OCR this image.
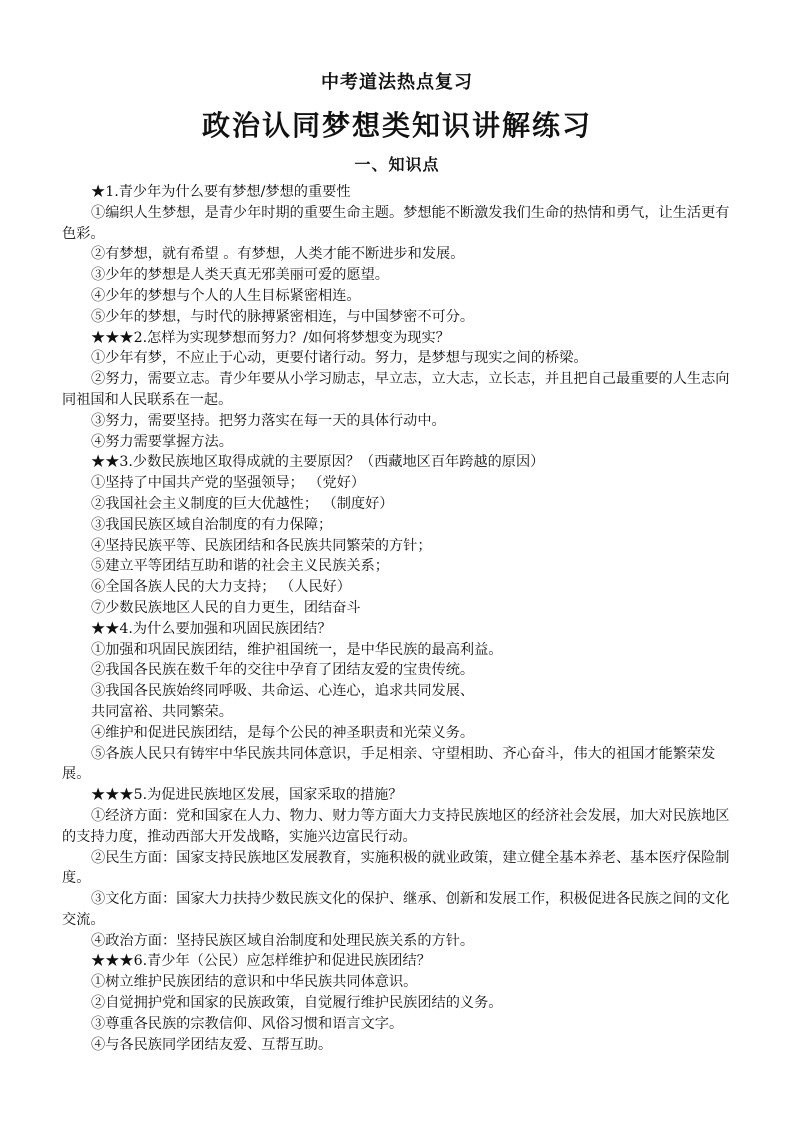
中考道法热点复习
政治认同梦想类知识讲解练习
一、知识点

★1.青少年为什么要有梦想/梦想的重要性

①编织人生梦想，是青少年时期的重要生命主题。梦想能不断激发我们生命的热情和勇气，让生活更有色彩。

②有梦想，就有希望 。有梦想，人类才能不断进步和发展。

③少年的梦想是人类天真无邪美丽可爱的愿望。

④少年的梦想与个人的人生目标紧密相连。

⑤少年的梦想，与时代的脉搏紧密相连，与中国梦密不可分。

★★★2.怎样为实现梦想而努力？/如何将梦想变为现实？

①少年有梦，不应止于心动，更要付诸行动。努力，是梦想与现实之间的桥梁。

②努力，需要立志。青少年要从小学习励志，早立志，立大志，立长志，并且把自己最重要的人生志向同祖国和人民联系在一起。

③努力，需要坚持。把努力落实在每一天的具体行动中。

④努力需要掌握方法。

★★3.少数民族地区取得成就的主要原因？（西藏地区百年跨越的原因）

①坚持了中国共产党的坚强领导； （党好）

②我国社会主义制度的巨大优越性； （制度好）

③我国民族区域自治制度的有力保障；

④坚持民族平等、民族团结和各民族共同繁荣的方针；

⑤建立平等团结互助和谐的社会主义民族关系；

⑥全国各族人民的大力支持； （人民好）

⑦少数民族地区人民的自力更生，团结奋斗

★★4.为什么要加强和巩固民族团结？

①加强和巩固民族团结，维护祖国统一，是中华民族的最高利益。

②我国各民族在数千年的交往中孕育了团结友爱的宝贵传统。

③我国各民族始终同呼吸、共命运、心连心，追求共同发展、

共同富裕、共同繁荣。

④维护和促进民族团结，是每个公民的神圣职责和光荣义务。

⑤各族人民只有铸牢中华民族共同体意识，手足相亲、守望相助、齐心奋斗，伟大的祖国才能繁荣发展。

★★★5.为促进民族地区发展，国家采取的措施？

①经济方面：党和国家在人力、物力、财力等方面大力支持民族地区的经济社会发展，加大对民族地区的支持力度，推动西部大开发战略，实施兴边富民行动。

②民生方面：国家支持民族地区发展教育，实施积极的就业政策，建立健全基本养老、基本医疗保险制度。

③文化方面：国家大力扶持少数民族文化的保护、继承、创新和发展工作，积极促进各民族之间的文化交流。

④政治方面：坚持民族区域自治制度和处理民族关系的方针。

★★★6.青少年（公民）应怎样维护和促进民族团结？

①树立维护民族团结的意识和中华民族共同体意识。

②自觉拥护党和国家的民族政策，自觉履行维护民族团结的义务。

③尊重各民族的宗教信仰、风俗习惯和语言文字。

④与各民族同学团结友爱、互帮互助。
